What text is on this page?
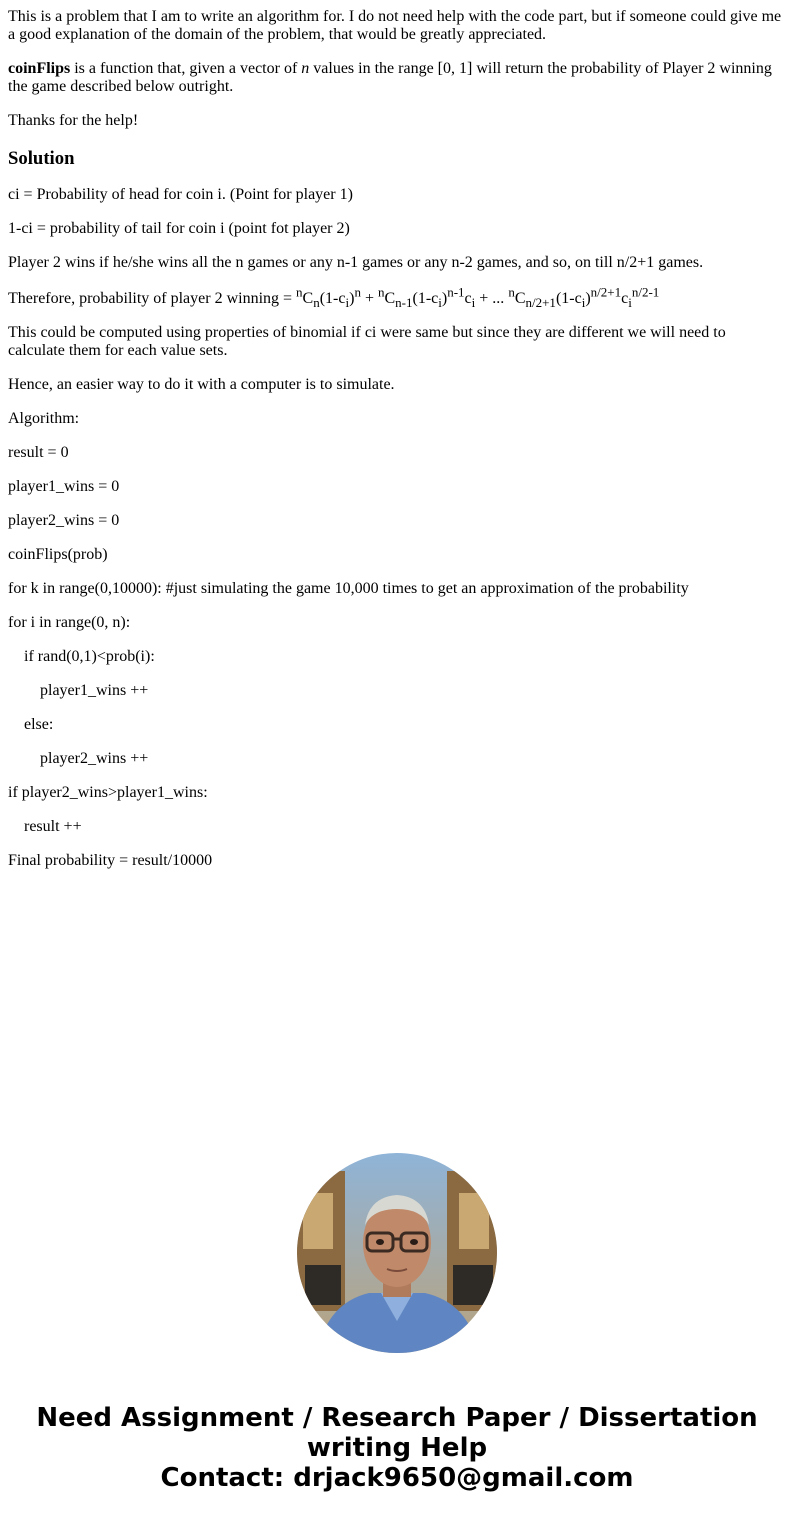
This is a problem that I am to write an algorithm for. I do not need help with the code part, but if someone could give me a good explanation of the domain of the problem, that would be greatly appreciated.

coinFlips is a function that, given a vector of n values in the range [0, 1] will return the probability of Player 2 winning the game described below outright.

Thanks for the help!

Solution

ci = Probability of head for coin i. (Point for player 1)

1-ci = probability of tail for coin i (point fot player 2)

Player 2 wins if he/she wins all the n games or any n-1 games or any n-2 games, and so, on till n/2+1 games.

Therefore, probability of player 2 winning = $^nC_n(1-c_i)^n + ^nC_{n-1}(1-c_i)^{n-1}c_i$ + ... $^nC_{n/2+1}(1-c_i)^{n/2+1}c_i^{n/2-1}$

This could be computed using properties of binomial if ci were same but since they are different we will need to calculate them for each value sets.

Hence, an easier way to do it with a computer is to simulate.

Algorithm:

result = 0

player1_wins = 0

player2_wins = 0

coinFlips(prob)

for k in range(0,10000): #just simulating the game 10,000 times to get an approximation of the probability

for i in range(0, n):

if rand(0,1)<prob(i):

player1_wins ++

else:

player2_wins ++

if player2_wins>player1_wins:

result ++

Final probability = result/10000

Need Assignment / Research Paper / Dissertation
writing Help
Contact: drjack9650@gmail.com
